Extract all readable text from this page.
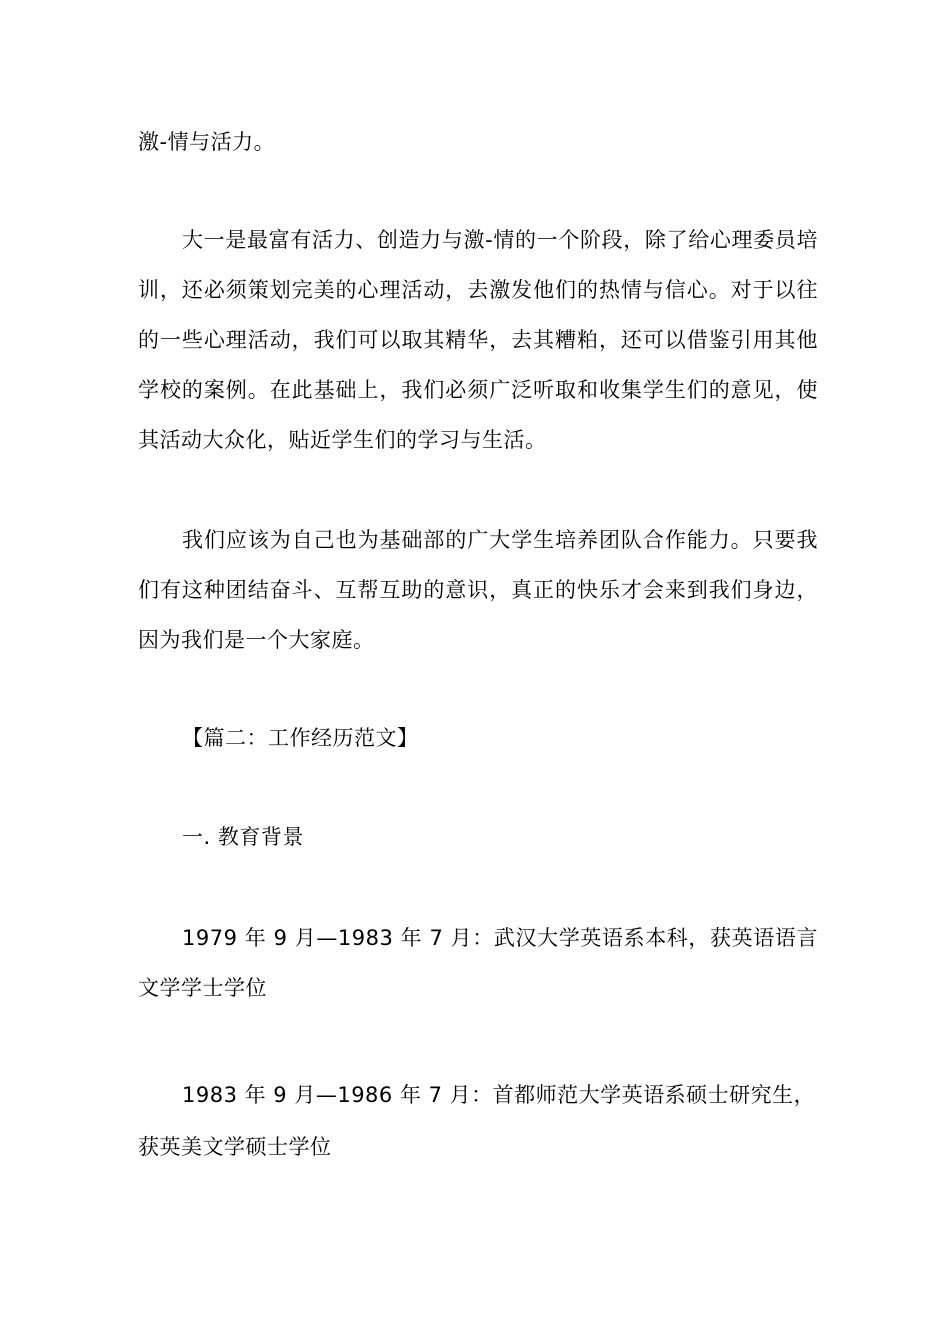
激-情与活力。

大一是最富有活力、创造力与激-情的一个阶段，除了给心理委员培训，还必须策划完美的心理活动，去激发他们的热情与信心。对于以往的一些心理活动，我们可以取其精华，去其糟粕，还可以借鉴引用其他学校的案例。在此基础上，我们必须广泛听取和收集学生们的意见，使其活动大众化，贴近学生们的学习与生活。

我们应该为自己也为基础部的广大学生培养团队合作能力。只要我们有这种团结奋斗、互帮互助的意识，真正的快乐才会来到我们身边，因为我们是一个大家庭。

【篇二：工作经历范文】

一. 教育背景

1979 年 9 月—1983 年 7 月：武汉大学英语系本科，获英语语言文学学士学位

1983 年 9 月—1986 年 7 月：首都师范大学英语系硕士研究生，

获英美文学硕士学位
